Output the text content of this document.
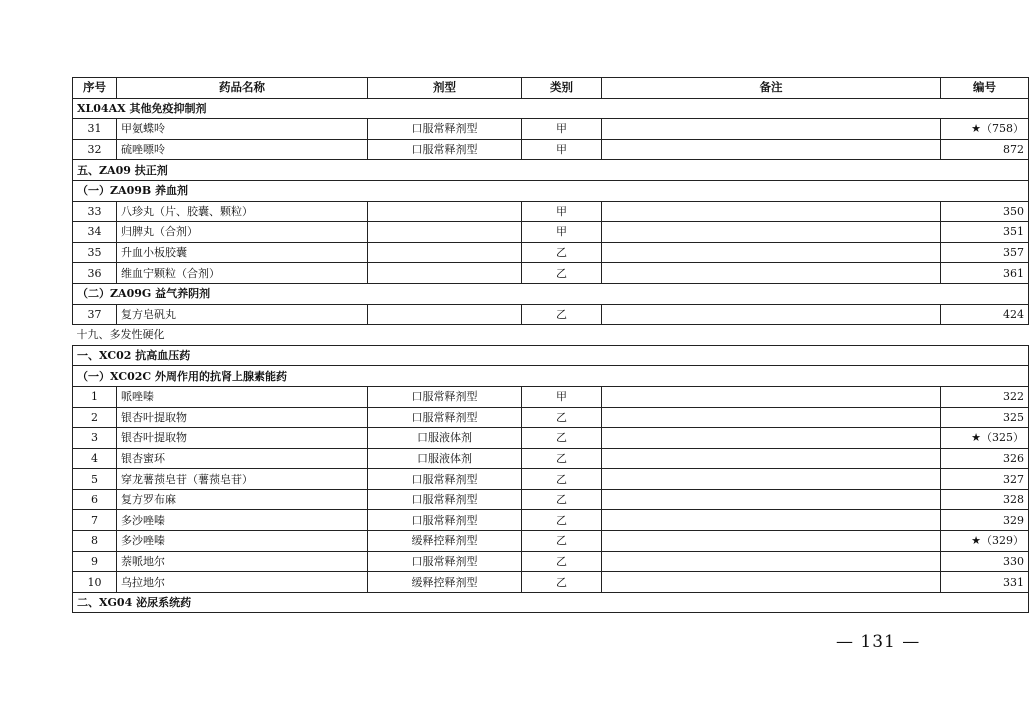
序号	药品名称	剂型	类别	备注	编号
XL04AX 其他免疫抑制剂					
31	甲氨蝶呤	口服常释剂型	甲		★（758）
32	硫唑嘌呤	口服常释剂型	甲		872
五、ZA09 扶正剂					
（一）ZA09B 养血剂					
33	八珍丸（片、胶囊、颗粒）		甲		350
34	归脾丸（合剂）		甲		351
35	升血小板胶囊		乙		357
36	维血宁颗粒（合剂）		乙		361
（二）ZA09G 益气养阴剂					
37	复方皂矾丸		乙		424
十九、多发性硬化					
一、XC02 抗高血压药					
（一）XC02C 外周作用的抗肾上腺素能药					
1	哌唑嗪	口服常释剂型	甲		322
2	银杏叶提取物	口服常释剂型	乙		325
3	银杏叶提取物	口服液体剂	乙		★（325）
4	银杏蜜环	口服液体剂	乙		326
5	穿龙薯蓣皂苷（薯蓣皂苷）	口服常释剂型	乙		327
6	复方罗布麻	口服常释剂型	乙		328
7	多沙唑嗪	口服常释剂型	乙		329
8	多沙唑嗪	缓释控释剂型	乙		★（329）
9	萘哌地尔	口服常释剂型	乙		330
10	乌拉地尔	缓释控释剂型	乙		331
二、XG04 泌尿系统药					
— 131 —
